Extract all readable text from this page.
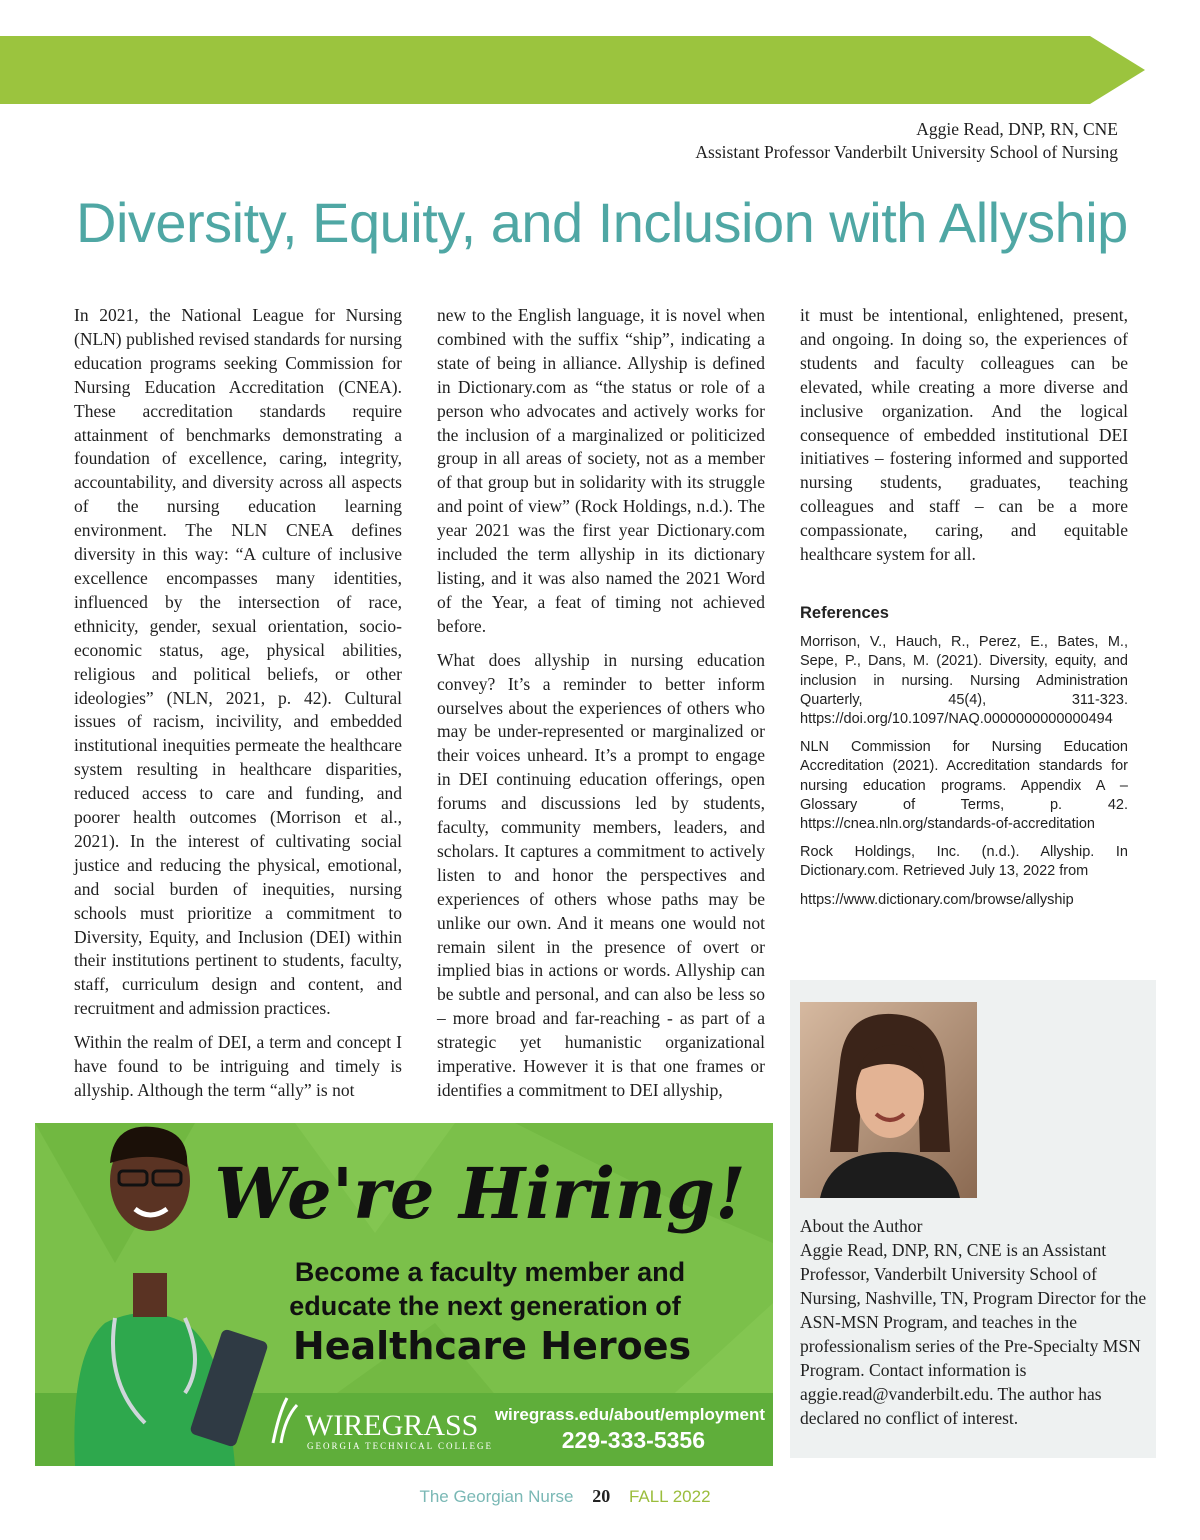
Aggie Read, DNP, RN, CNE
Assistant Professor Vanderbilt University School of Nursing
Diversity, Equity, and Inclusion with Allyship

In 2021, the National League for Nursing (NLN) published revised standards for nursing education programs seeking Commission for Nursing Education Accreditation (CNEA). These accreditation standards require attainment of benchmarks demonstrating a foundation of excellence, caring, integrity, accountability, and diversity across all aspects of the nursing education learning environment. The NLN CNEA defines diversity in this way: “A culture of inclusive excellence encompasses many identities, influenced by the intersection of race, ethnicity, gender, sexual orientation, socio-economic status, age, physical abilities, religious and political beliefs, or other ideologies” (NLN, 2021, p. 42). Cultural issues of racism, incivility, and embedded institutional inequities permeate the healthcare system resulting in healthcare disparities, reduced access to care and funding, and poorer health outcomes (Morrison et al., 2021). In the interest of cultivating social justice and reducing the physical, emotional, and social burden of inequities, nursing schools must prioritize a commitment to Diversity, Equity, and Inclusion (DEI) within their institutions pertinent to students, faculty, staff, curriculum design and content, and recruitment and admission practices.

Within the realm of DEI, a term and concept I have found to be intriguing and timely is allyship. Although the term “ally” is not

new to the English language, it is novel when combined with the suffix “ship”, indicating a state of being in alliance. Allyship is defined in Dictionary.com as “the status or role of a person who advocates and actively works for the inclusion of a marginalized or politicized group in all areas of society, not as a member of that group but in solidarity with its struggle and point of view” (Rock Holdings, n.d.). The year 2021 was the first year Dictionary.com included the term allyship in its dictionary listing, and it was also named the 2021 Word of the Year, a feat of timing not achieved before.

What does allyship in nursing education convey? It’s a reminder to better inform ourselves about the experiences of others who may be under-represented or marginalized or their voices unheard. It’s a prompt to engage in DEI continuing education offerings, open forums and discussions led by students, faculty, community members, leaders, and scholars. It captures a commitment to actively listen to and honor the perspectives and experiences of others whose paths may be unlike our own. And it means one would not remain silent in the presence of overt or implied bias in actions or words. Allyship can be subtle and personal, and can also be less so – more broad and far-reaching - as part of a strategic yet humanistic organizational imperative. However it is that one frames or identifies a commitment to DEI allyship,

it must be intentional, enlightened, present, and ongoing. In doing so, the experiences of students and faculty colleagues can be elevated, while creating a more diverse and inclusive organization. And the logical consequence of embedded institutional DEI initiatives – fostering informed and supported nursing students, graduates, teaching colleagues and staff – can be a more compassionate, caring, and equitable healthcare system for all.

References

Morrison, V., Hauch, R., Perez, E., Bates, M., Sepe, P., Dans, M. (2021). Diversity, equity, and inclusion in nursing. Nursing Administration Quarterly, 45(4), 311-323. https://doi.org/10.1097/NAQ.0000000000000494

NLN Commission for Nursing Education Accreditation (2021). Accreditation standards for nursing education programs. Appendix A – Glossary of Terms, p. 42. https://cnea.nln.org/standards-of-accreditation

Rock Holdings, Inc. (n.d.). Allyship. In Dictionary.com. Retrieved July 13, 2022 from

https://www.dictionary.com/browse/allyship

About the Author
Aggie Read, DNP, RN, CNE is an Assistant Professor, Vanderbilt University School of Nursing, Nashville, TN, Program Director for the ASN-MSN Program, and teaches in the professionalism series of the Pre-Specialty MSN Program. Contact information is aggie.read@vanderbilt.edu. The author has declared no conflict of interest.
We're Hiring!
Become a faculty member and
educate the next generation of
Healthcare Heroes
WIREGRASS
GEORGIA TECHNICAL COLLEGE
wiregrass.edu/about/employment
229-333-5356
The Georgian Nurse 20 FALL 2022
